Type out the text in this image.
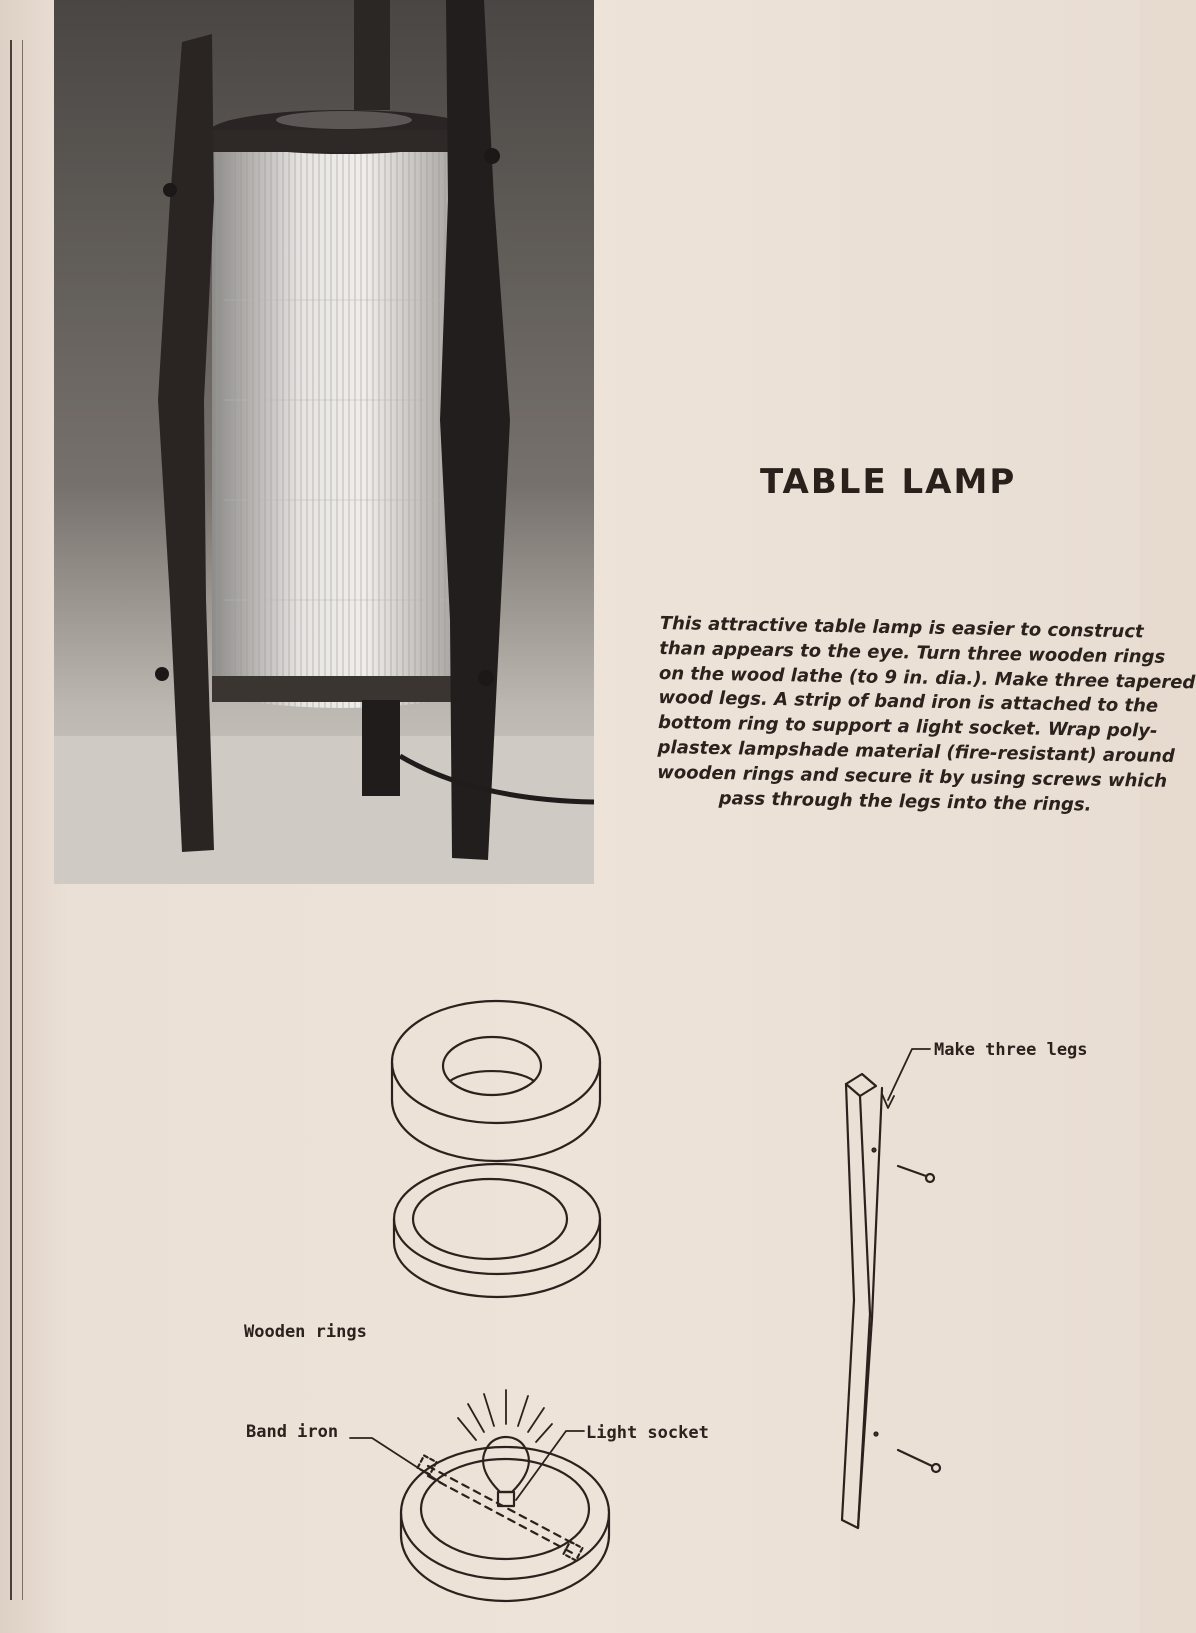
TABLE LAMP
This attractive table lamp is easier to construct
than appears to the eye. Turn three wooden rings
on the wood lathe (to 9 in. dia.). Make three tapered
wood legs. A strip of band iron is attached to the
bottom ring to support a light socket. Wrap poly-
plastex lampshade material (fire-resistant) around
wooden rings and secure it by using screws which
pass through the legs into the rings.
Wooden rings
Band iron	Light socket
Make three legs
